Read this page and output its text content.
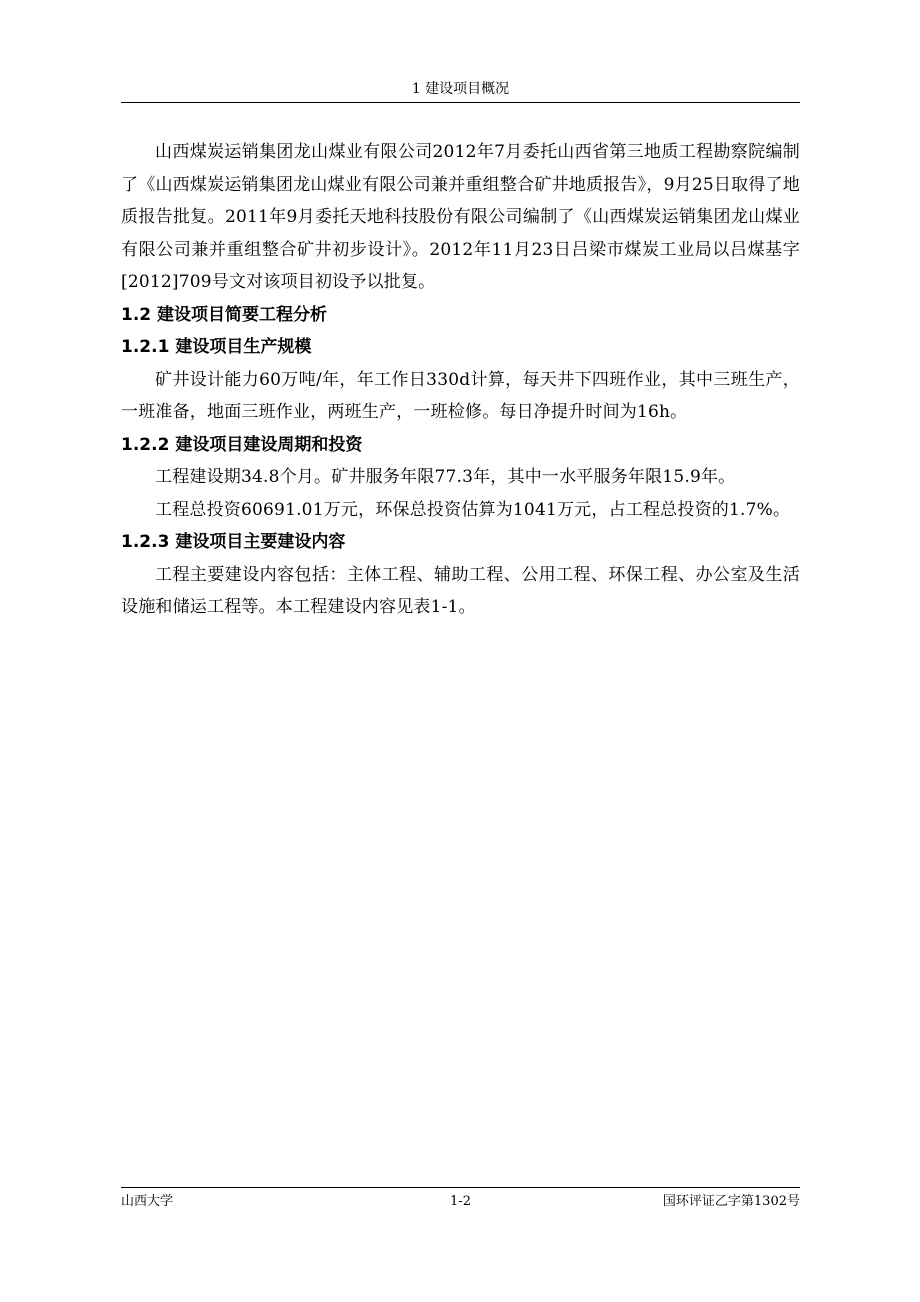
1 建设项目概况

山西煤炭运销集团龙山煤业有限公司2012年7月委托山西省第三地质工程勘察院编制了《山西煤炭运销集团龙山煤业有限公司兼并重组整合矿井地质报告》，9月25日取得了地质报告批复。2011年9月委托天地科技股份有限公司编制了《山西煤炭运销集团龙山煤业有限公司兼并重组整合矿井初步设计》。2012年11月23日吕梁市煤炭工业局以吕煤基字[2012]709号文对该项目初设予以批复。

1.2 建设项目简要工程分析
1.2.1 建设项目生产规模

矿井设计能力60万吨/年，年工作日330d计算，每天井下四班作业，其中三班生产，一班准备，地面三班作业，两班生产，一班检修。每日净提升时间为16h。

1.2.2 建设项目建设周期和投资

工程建设期34.8个月。矿井服务年限77.3年，其中一水平服务年限15.9年。

工程总投资60691.01万元，环保总投资估算为1041万元，占工程总投资的1.7%。

1.2.3 建设项目主要建设内容

工程主要建设内容包括：主体工程、辅助工程、公用工程、环保工程、办公室及生活设施和储运工程等。本工程建设内容见表1-1。

山西大学	1-2	国环评证乙字第1302号
